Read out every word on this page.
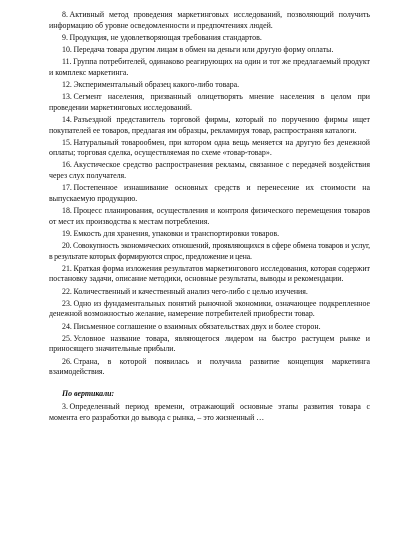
8. Активный метод проведения маркетинговых исследований, позволяющий получить информацию об уровне осведомленности и предпочтениях людей.

9. Продукция, не удовлетворяющая требования стандартов.

10. Передача товара другим лицам в обмен на деньги или другую форму оплаты.

11. Группа потребителей, одинаково реагирующих на один и тот же предлагаемый продукт и комплекс маркетинга.

12. Экспериментальный образец какого-либо товара.

13. Сегмент населения, призванный олицетворять мнение населения в целом при проведении маркетинговых исследований.

14. Разъездной представитель торговой фирмы, который по поручению фирмы ищет покупателей ее товаров, предлагая им образцы, рекламируя товар, распространяя каталоги.

15. Натуральный товарообмен, при котором одна вещь меняется на другую без денежной оплаты; торговая сделка, осуществляемая по схеме «товар-товар».

16. Акустическое средство распространения рекламы, связанное с передачей воздействия через слух получателя.

17. Постепенное изнашивание основных средств и перенесение их стоимости на выпускаемую продукцию.

18. Процесс планирования, осуществления и контроля физического перемещения товаров от мест их производства к местам потребления.

19. Емкость для хранения, упаковки и транспортировки товаров.

20. Совокупность экономических отношений, проявляющихся в сфере обмена товаров и услуг, в результате которых формируются спрос, предложение и цена.

21. Краткая форма изложения результатов маркетингового исследования, которая содержит постановку задачи, описание методики, основные результаты, выводы и рекомендации.

22. Количественный и качественный анализ чего-либо с целью изучения.

23. Одно из фундаментальных понятий рыночной экономики, означающее подкрепленное денежной возможностью желание, намерение потребителей приобрести товар.

24. Письменное соглашение о взаимных обязательствах двух и более сторон.

25. Условное название товара, являющегося лидером на быстро растущем рынке и приносящего значительные прибыли.

26. Страна, в которой появилась и получила развитие концепция маркетинга взаимодействия.

По вертикали:

3. Определенный период времени, отражающий основные этапы развития товара с момента его разработки до вывода с рынка, – это жизненный …
